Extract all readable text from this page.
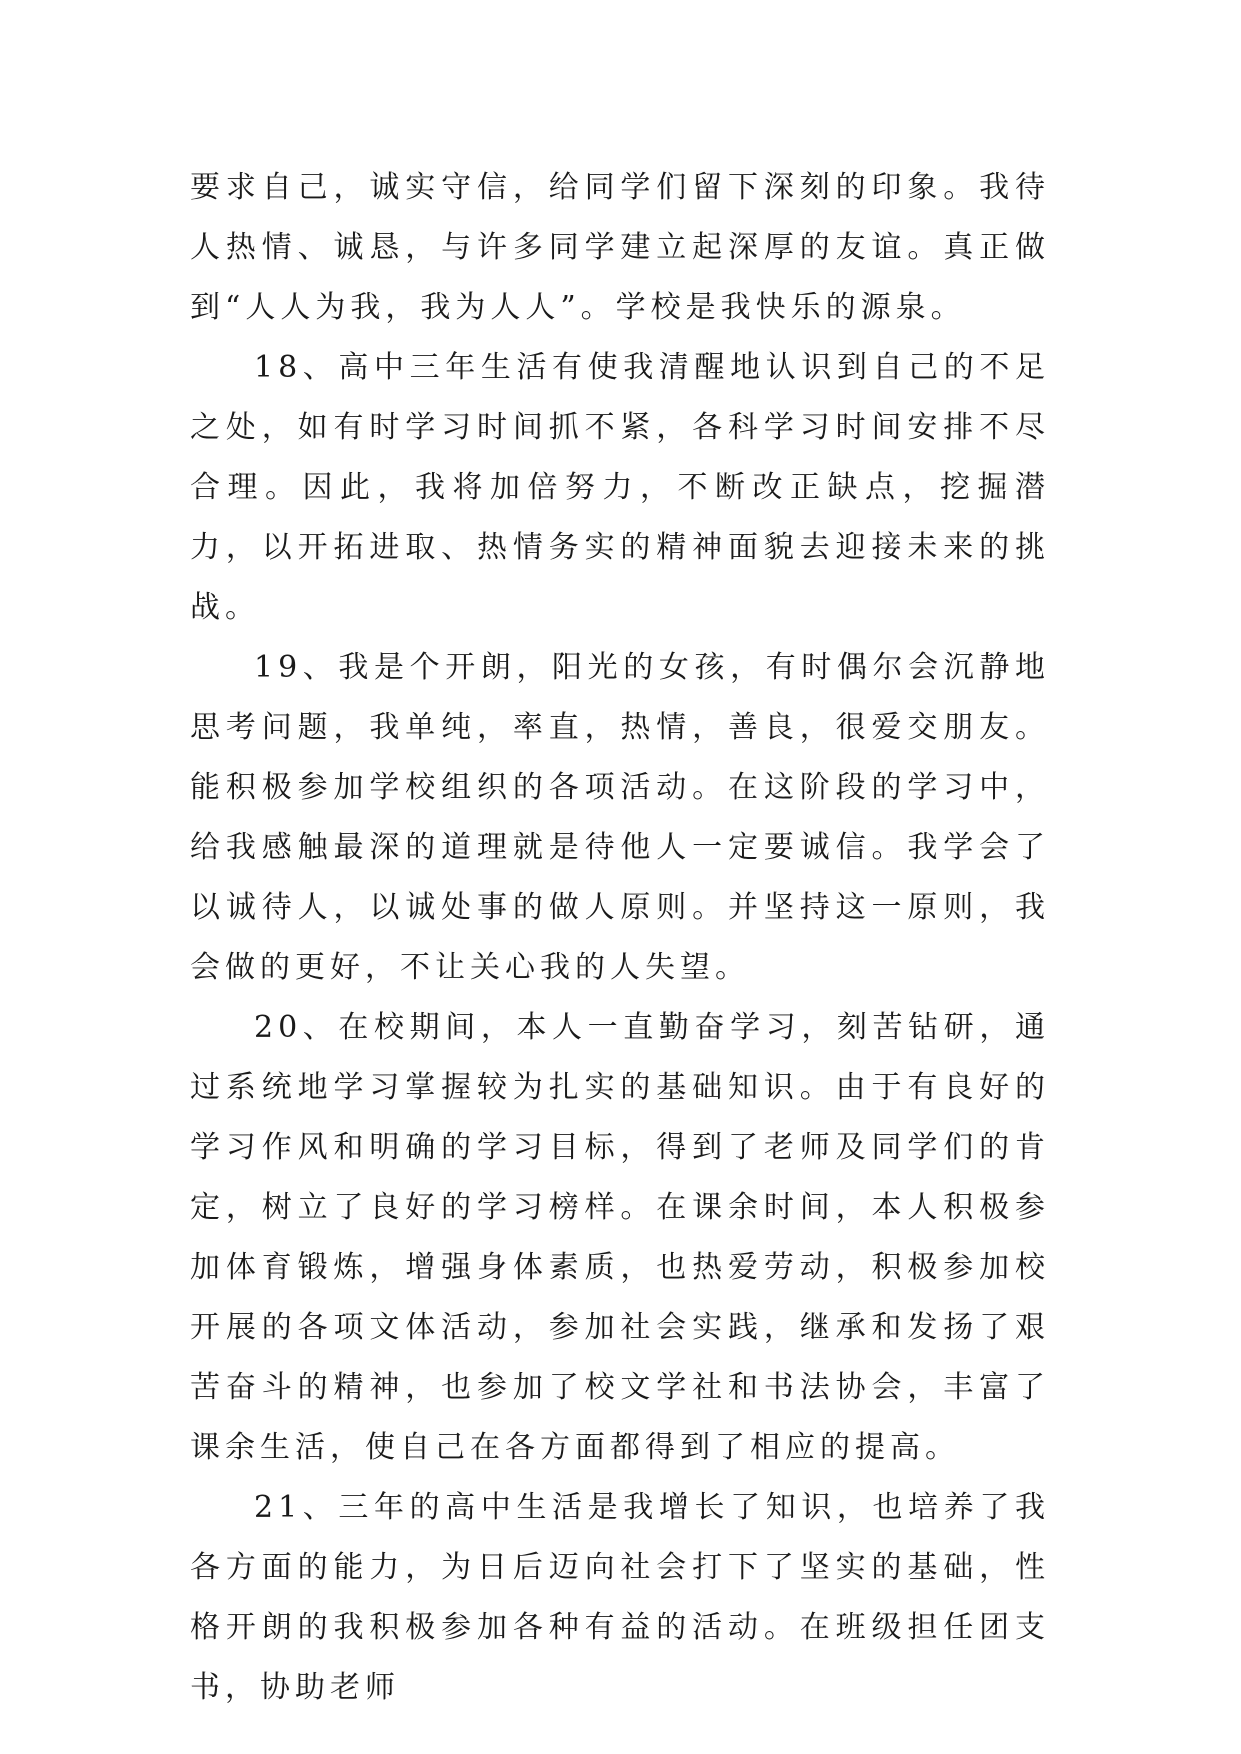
要求自己，诚实守信，给同学们留下深刻的印象。我待人热情、诚恳，与许多同学建立起深厚的友谊。真正做到“人人为我，我为人人”。学校是我快乐的源泉。

18、高中三年生活有使我清醒地认识到自己的不足之处，如有时学习时间抓不紧，各科学习时间安排不尽合理。因此，我将加倍努力，不断改正缺点，挖掘潜力，以开拓进取、热情务实的精神面貌去迎接未来的挑战。

19、我是个开朗，阳光的女孩，有时偶尔会沉静地思考问题，我单纯，率直，热情，善良，很爱交朋友。能积极参加学校组织的各项活动。在这阶段的学习中，给我感触最深的道理就是待他人一定要诚信。我学会了以诚待人，以诚处事的做人原则。并坚持这一原则，我会做的更好，不让关心我的人失望。

20、在校期间，本人一直勤奋学习，刻苦钻研，通过系统地学习掌握较为扎实的基础知识。由于有良好的学习作风和明确的学习目标，得到了老师及同学们的肯定，树立了良好的学习榜样。在课余时间，本人积极参加体育锻炼，增强身体素质，也热爱劳动，积极参加校开展的各项文体活动，参加社会实践，继承和发扬了艰苦奋斗的精神，也参加了校文学社和书法协会，丰富了课余生活，使自己在各方面都得到了相应的提高。

21、三年的高中生活是我增长了知识，也培养了我各方面的能力，为日后迈向社会打下了坚实的基础，性格开朗的我积极参加各种有益的活动。在班级担任团支书，协助老师
